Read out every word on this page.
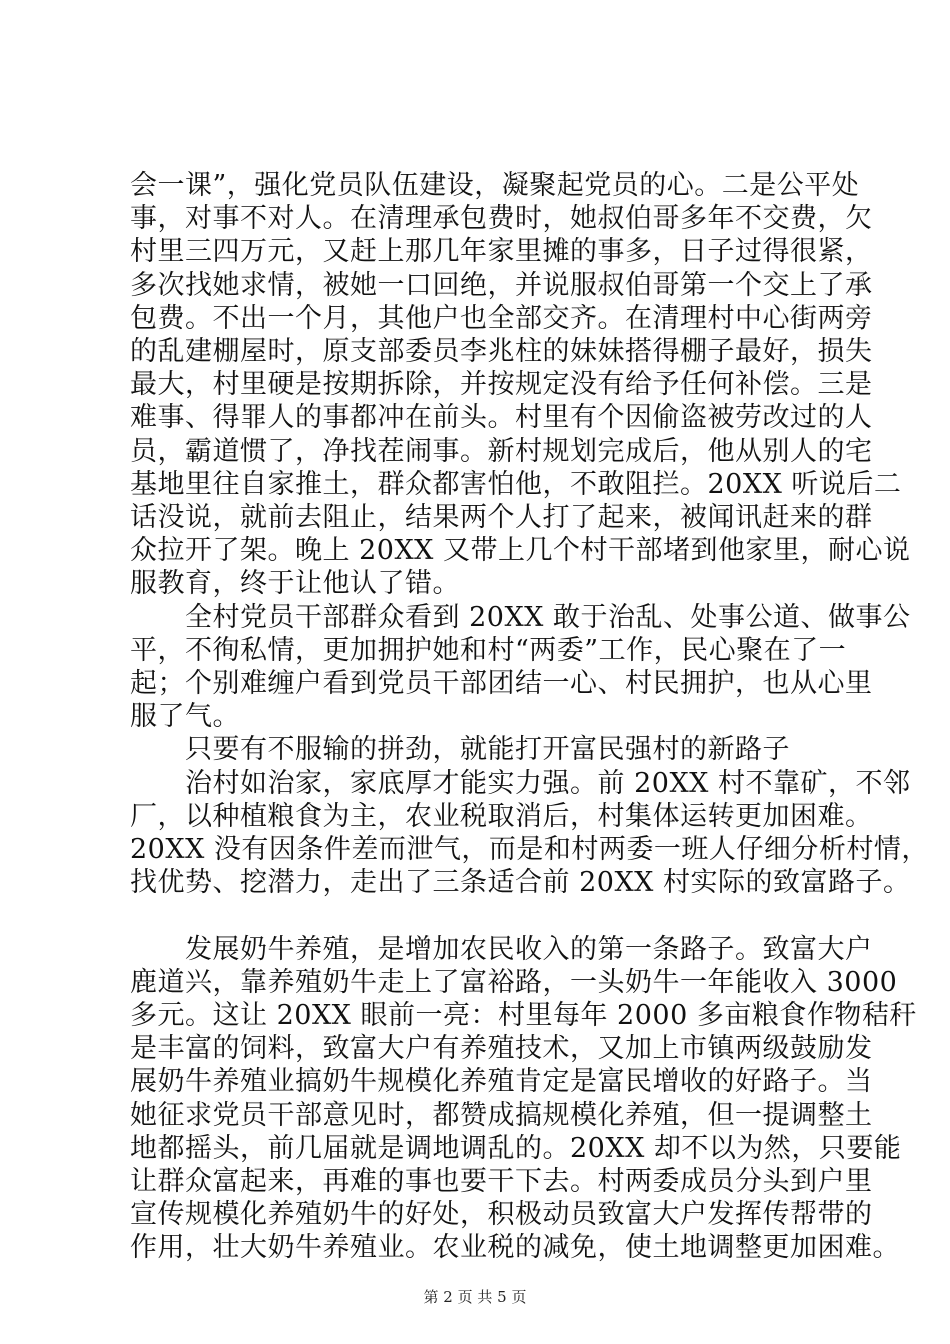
会一课”，强化党员队伍建设，凝聚起党员的心。二是公平处
事，对事不对人。在清理承包费时，她叔伯哥多年不交费，欠
村里三四万元，又赶上那几年家里摊的事多，日子过得很紧，
多次找她求情，被她一口回绝，并说服叔伯哥第一个交上了承
包费。不出一个月，其他户也全部交齐。在清理村中心街两旁
的乱建棚屋时，原支部委员李兆柱的妹妹搭得棚子最好，损失
最大，村里硬是按期拆除，并按规定没有给予任何补偿。三是
难事、得罪人的事都冲在前头。村里有个因偷盗被劳改过的人
员，霸道惯了，净找茬闹事。新村规划完成后，他从别人的宅
基地里往自家推土，群众都害怕他，不敢阻拦。20XX 听说后二
话没说，就前去阻止，结果两个人打了起来，被闻讯赶来的群
众拉开了架。晚上 20XX 又带上几个村干部堵到他家里，耐心说
服教育，终于让他认了错。
全村党员干部群众看到 20XX 敢于治乱、处事公道、做事公
平，不徇私情，更加拥护她和村“两委”工作，民心聚在了一
起；个别难缠户看到党员干部团结一心、村民拥护，也从心里
服了气。
只要有不服输的拼劲，就能打开富民强村的新路子
治村如治家，家底厚才能实力强。前 20XX 村不靠矿，不邻
厂，以种植粮食为主，农业税取消后，村集体运转更加困难。
20XX 没有因条件差而泄气，而是和村两委一班人仔细分析村情，
找优势、挖潜力，走出了三条适合前 20XX 村实际的致富路子。
发展奶牛养殖，是增加农民收入的第一条路子。致富大户
鹿道兴，靠养殖奶牛走上了富裕路，一头奶牛一年能收入 3000
多元。这让 20XX 眼前一亮：村里每年 2000 多亩粮食作物秸秆
是丰富的饲料，致富大户有养殖技术，又加上市镇两级鼓励发
展奶牛养殖业搞奶牛规模化养殖肯定是富民增收的好路子。当
她征求党员干部意见时，都赞成搞规模化养殖，但一提调整土
地都摇头，前几届就是调地调乱的。20XX 却不以为然，只要能
让群众富起来，再难的事也要干下去。村两委成员分头到户里
宣传规模化养殖奶牛的好处，积极动员致富大户发挥传帮带的
作用，壮大奶牛养殖业。农业税的减免，使土地调整更加困难。
第 2 页 共 5 页
